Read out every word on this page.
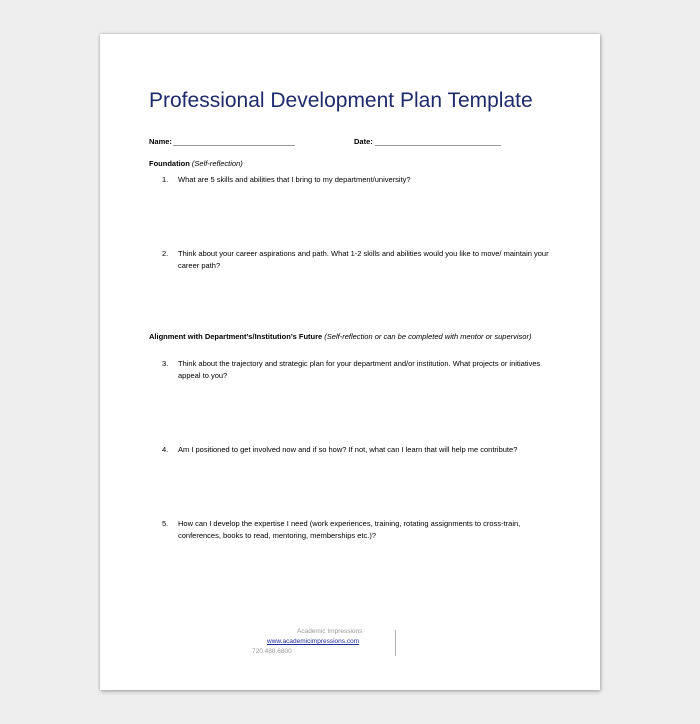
Professional Development Plan Template
Name:	Date:
Foundation (Self-reflection)
1.	What are 5 skills and abilities that I bring to my department/university?
2.	Think about your career aspirations and path. What 1-2 skills and abilities would you like to move/ maintain your career path?
Alignment with Department’s/Institution’s Future (Self-reflection or can be completed with mentor or supervisor)
3.	Think about the trajectory and strategic plan for your department and/or institution. What projects or initiatives appeal to you?
4.	Am I positioned to get involved now and if so how? If not, what can I learn that will help me contribute?
5.	How can I develop the expertise I need (work experiences, training, rotating assignments to cross-train, conferences, books to read, mentoring, memberships etc.)?
Academic Impressions
www.academicimpressions.com
720.488.6800
